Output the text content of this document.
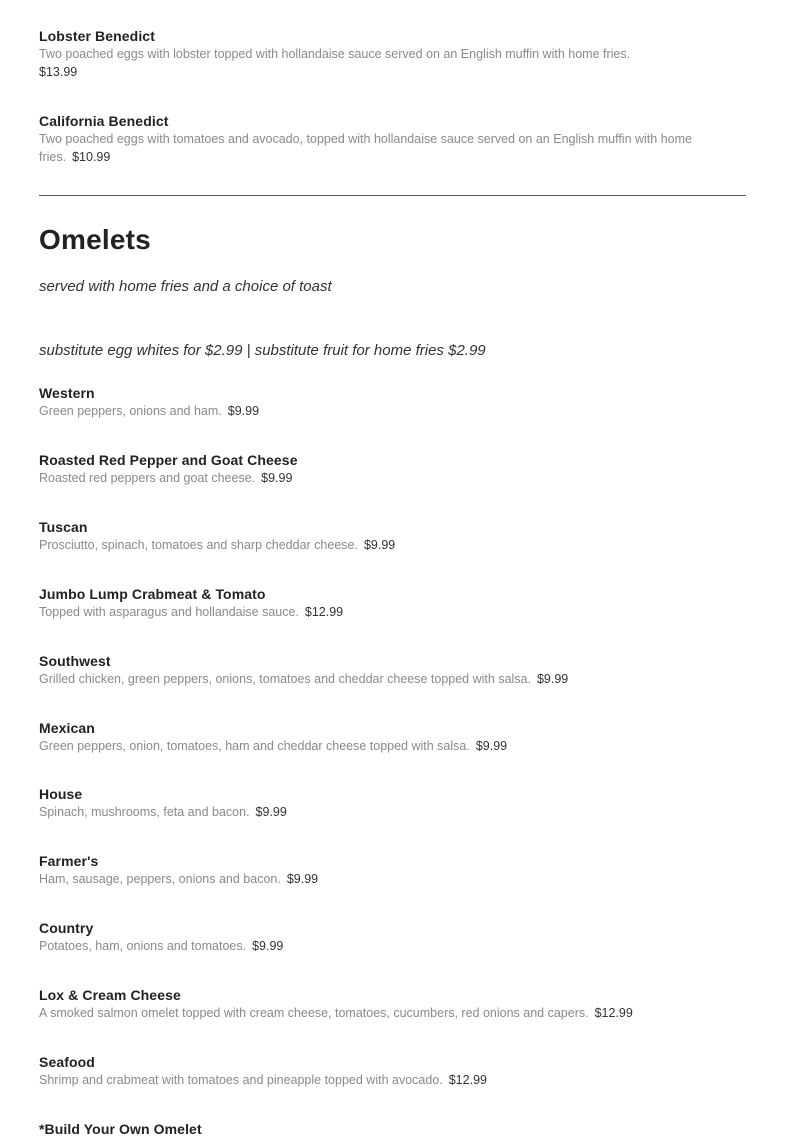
Lobster Benedict
Two poached eggs with lobster topped with hollandaise sauce served on an English muffin with home fries.
$13.99
California Benedict
Two poached eggs with tomatoes and avocado, topped with hollandaise sauce served on an English muffin with home fries. $10.99
Omelets
served with home fries and a choice of toast
substitute egg whites for $2.99 | substitute fruit for home fries $2.99
Western
Green peppers, onions and ham. $9.99
Roasted Red Pepper and Goat Cheese
Roasted red peppers and goat cheese. $9.99
Tuscan
Prosciutto, spinach, tomatoes and sharp cheddar cheese. $9.99
Jumbo Lump Crabmeat & Tomato
Topped with asparagus and hollandaise sauce. $12.99
Southwest
Grilled chicken, green peppers, onions, tomatoes and cheddar cheese topped with salsa. $9.99
Mexican
Green peppers, onion, tomatoes, ham and cheddar cheese topped with salsa. $9.99
House
Spinach, mushrooms, feta and bacon. $9.99
Farmer's
Ham, sausage, peppers, onions and bacon. $9.99
Country
Potatoes, ham, onions and tomatoes. $9.99
Lox & Cream Cheese
A smoked salmon omelet topped with cream cheese, tomatoes, cucumbers, red onions and capers. $12.99
Seafood
Shrimp and crabmeat with tomatoes and pineapple topped with avocado. $12.99
*Build Your Own Omelet
